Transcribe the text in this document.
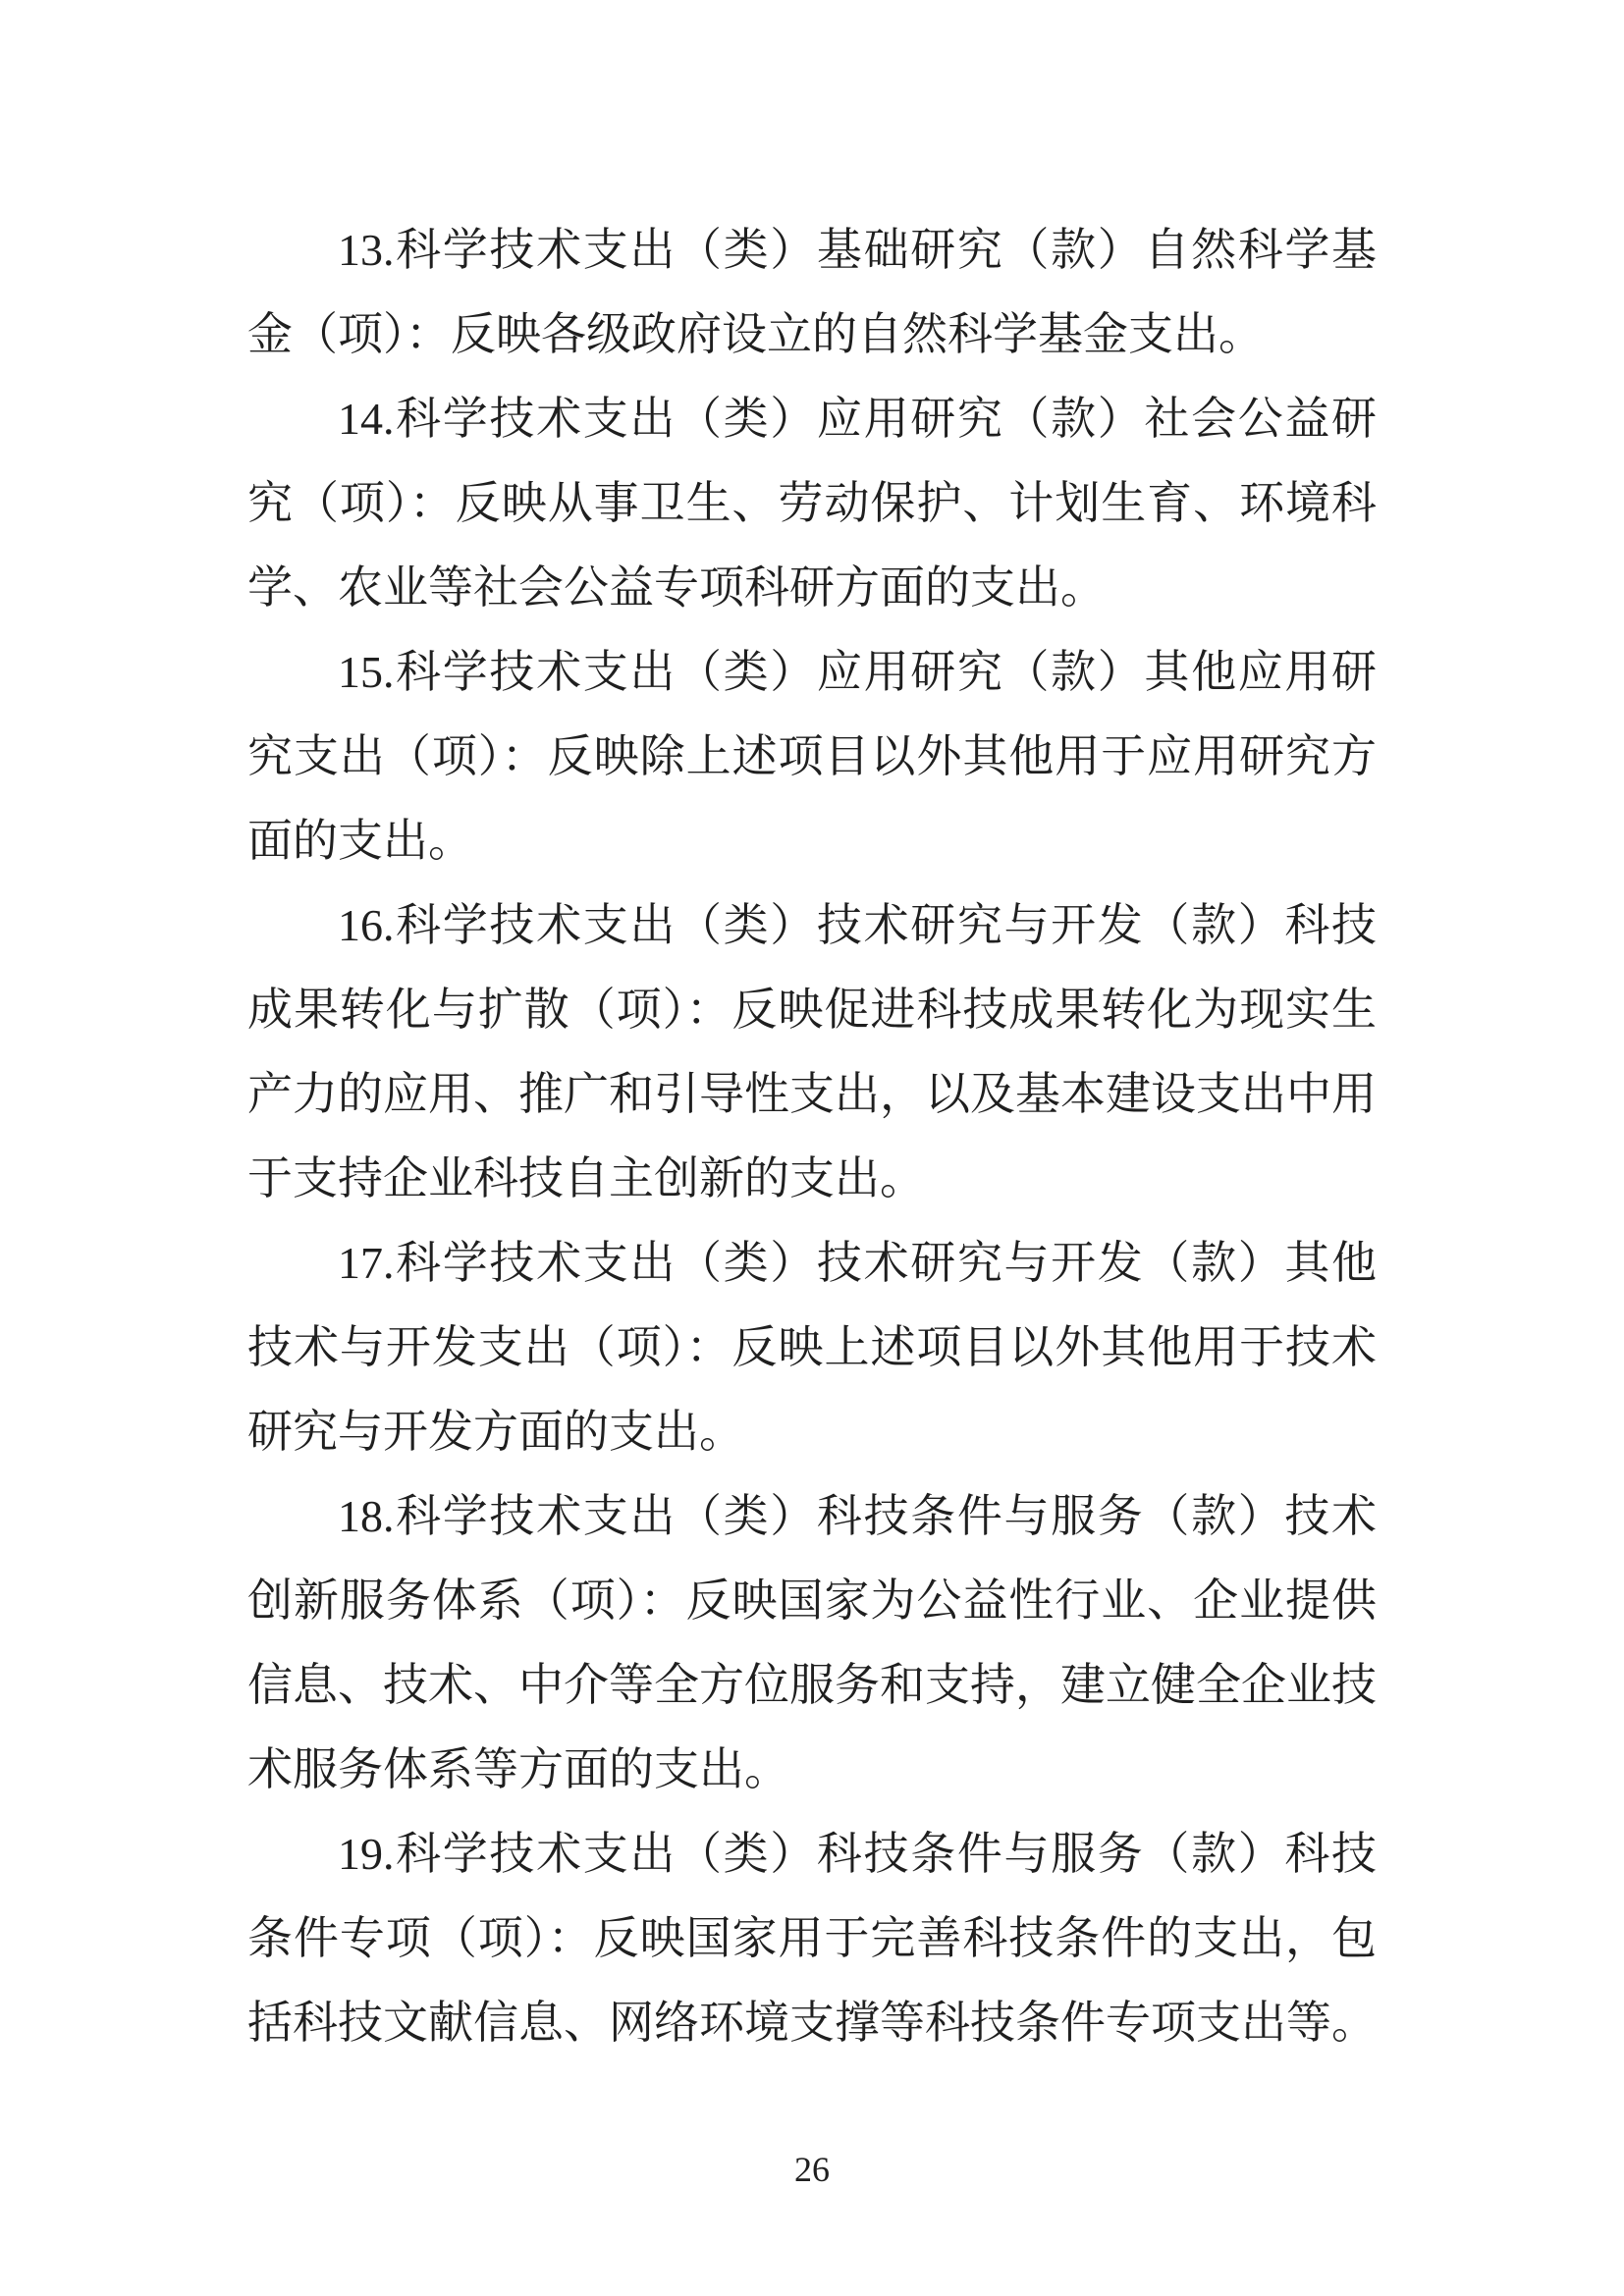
13.科学技术支出（类）基础研究（款）自然科学基金（项）：反映各级政府设立的自然科学基金支出。

14.科学技术支出（类）应用研究（款）社会公益研究（项）：反映从事卫生、劳动保护、计划生育、环境科学、农业等社会公益专项科研方面的支出。

15.科学技术支出（类）应用研究（款）其他应用研究支出（项）：反映除上述项目以外其他用于应用研究方面的支出。

16.科学技术支出（类）技术研究与开发（款）科技成果转化与扩散（项）：反映促进科技成果转化为现实生产力的应用、推广和引导性支出，以及基本建设支出中用于支持企业科技自主创新的支出。

17.科学技术支出（类）技术研究与开发（款）其他技术与开发支出（项）：反映上述项目以外其他用于技术研究与开发方面的支出。

18.科学技术支出（类）科技条件与服务（款）技术创新服务体系（项）：反映国家为公益性行业、企业提供信息、技术、中介等全方位服务和支持，建立健全企业技术服务体系等方面的支出。

19.科学技术支出（类）科技条件与服务（款）科技条件专项（项）：反映国家用于完善科技条件的支出，包括科技文献信息、网络环境支撑等科技条件专项支出等。

26
